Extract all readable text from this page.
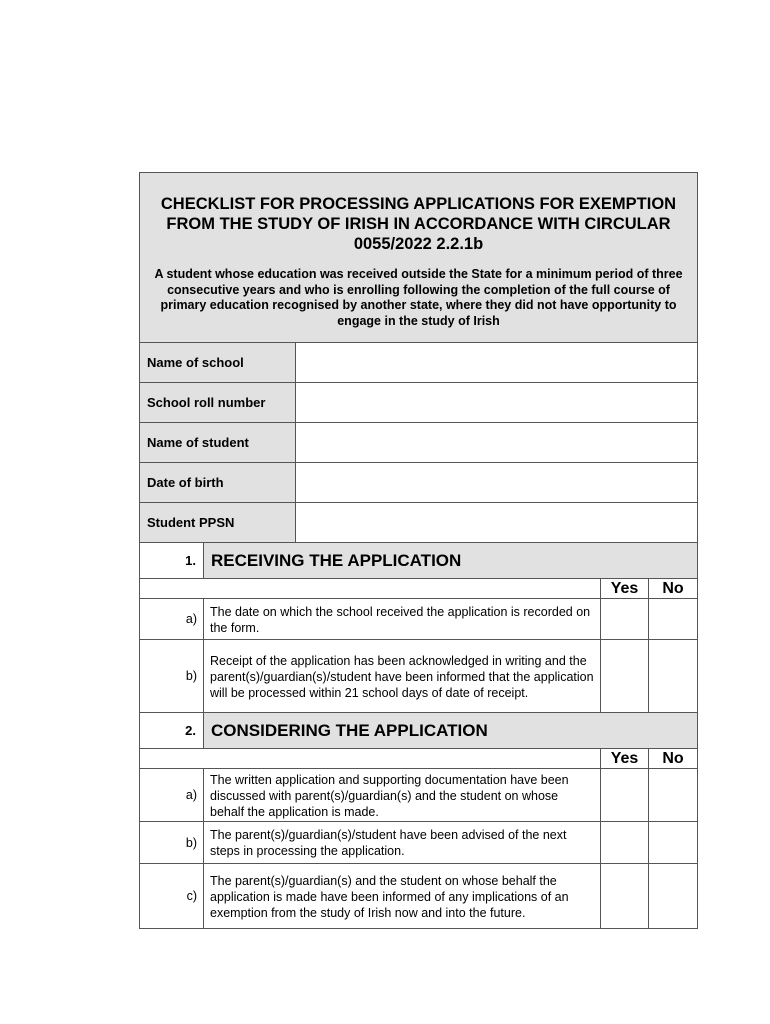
CHECKLIST FOR PROCESSING APPLICATIONS FOR EXEMPTION FROM THE STUDY OF IRISH IN ACCORDANCE WITH CIRCULAR 0055/2022 2.2.1b

A student whose education was received outside the State for a minimum period of three consecutive years and who is enrolling following the completion of the full course of primary education recognised by another state, where they did not have opportunity to engage in the study of Irish

Name of school
School roll number
Name of student
Date of birth
Student PPSN
1. RECEIVING THE APPLICATION
Yes	No
a)
The date on which the school received the application is recorded on the form.
b)
Receipt of the application has been acknowledged in writing and the parent(s)/guardian(s)/student have been informed that the application will be processed within 21 school days of date of receipt.
2. CONSIDERING THE APPLICATION
Yes	No
a)
The written application and supporting documentation have been discussed with parent(s)/guardian(s) and the student on whose behalf the application is made.
b)
The parent(s)/guardian(s)/student have been advised of the next steps in processing the application.
c)
The parent(s)/guardian(s) and the student on whose behalf the application is made have been informed of any implications of an exemption from the study of Irish now and into the future.
